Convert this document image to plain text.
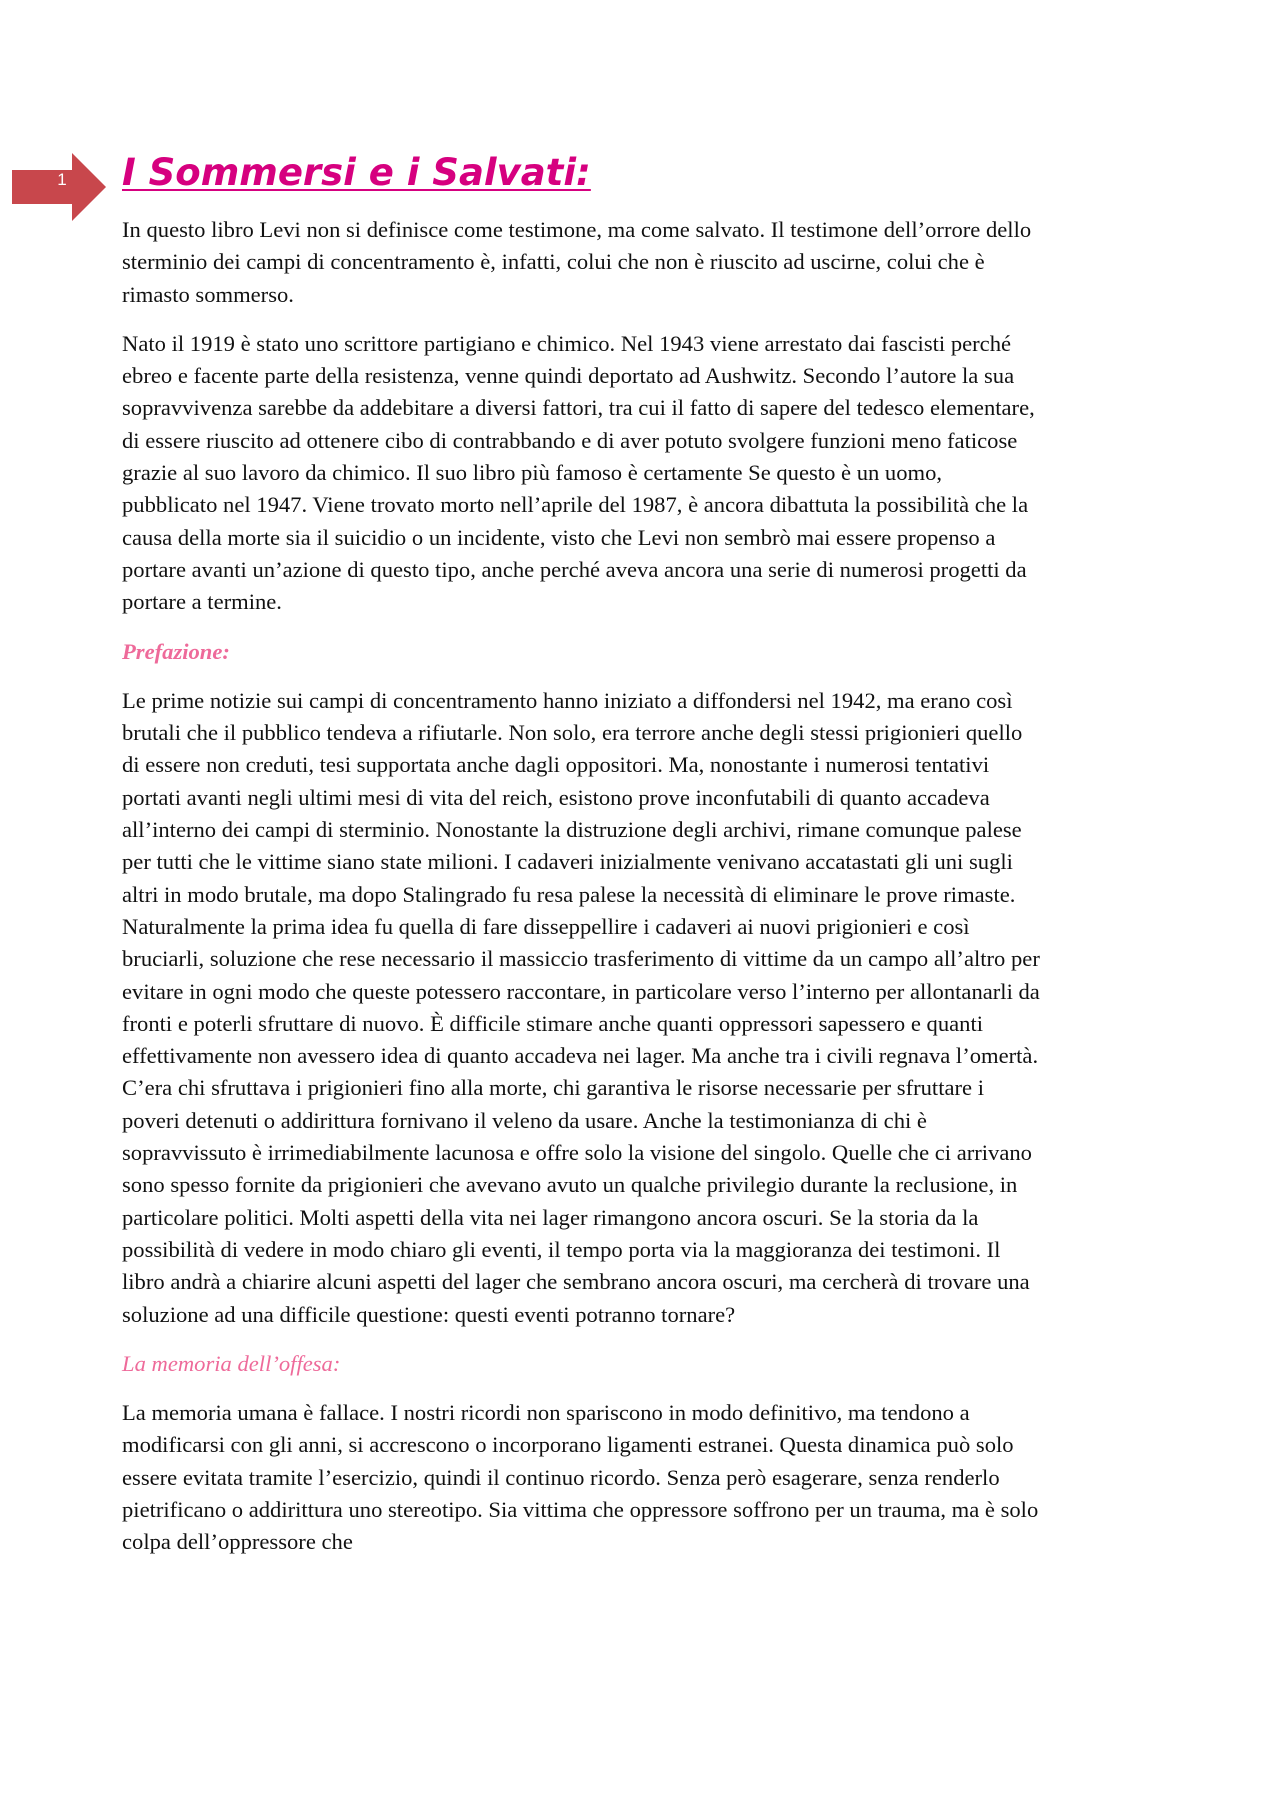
1	I Sommersi e i Salvati:

In questo libro Levi non si definisce come testimone, ma come salvato. Il testimone dell’orrore dello sterminio dei campi di concentramento è, infatti, colui che non è riuscito ad uscirne, colui che è rimasto sommerso.

Nato il 1919 è stato uno scrittore partigiano e chimico. Nel 1943 viene arrestato dai fascisti perché ebreo e facente parte della resistenza, venne quindi deportato ad Aushwitz. Secondo l’autore la sua sopravvivenza sarebbe da addebitare a diversi fattori, tra cui il fatto di sapere del tedesco elementare, di essere riuscito ad ottenere cibo di contrabbando e di aver potuto svolgere funzioni meno faticose grazie al suo lavoro da chimico. Il suo libro più famoso è certamente Se questo è un uomo, pubblicato nel 1947. Viene trovato morto nell’aprile del 1987, è ancora dibattuta la possibilità che la causa della morte sia il suicidio o un incidente, visto che Levi non sembrò mai essere propenso a portare avanti un’azione di questo tipo, anche perché aveva ancora una serie di numerosi progetti da portare a termine.

Prefazione:

Le prime notizie sui campi di concentramento hanno iniziato a diffondersi nel 1942, ma erano così brutali che il pubblico tendeva a rifiutarle. Non solo, era terrore anche degli stessi prigionieri quello di essere non creduti, tesi supportata anche dagli oppositori. Ma, nonostante i numerosi tentativi portati avanti negli ultimi mesi di vita del reich, esistono prove inconfutabili di quanto accadeva all’interno dei campi di sterminio. Nonostante la distruzione degli archivi, rimane comunque palese per tutti che le vittime siano state milioni. I cadaveri inizialmente venivano accatastati gli uni sugli altri in modo brutale, ma dopo Stalingrado fu resa palese la necessità di eliminare le prove rimaste. Naturalmente la prima idea fu quella di fare disseppellire i cadaveri ai nuovi prigionieri e così bruciarli, soluzione che rese necessario il massiccio trasferimento di vittime da un campo all’altro per evitare in ogni modo che queste potessero raccontare, in particolare verso l’interno per allontanarli da fronti e poterli sfruttare di nuovo. È difficile stimare anche quanti oppressori sapessero e quanti effettivamente non avessero idea di quanto accadeva nei lager. Ma anche tra i civili regnava l’omertà. C’era chi sfruttava i prigionieri fino alla morte, chi garantiva le risorse necessarie per sfruttare i poveri detenuti o addirittura fornivano il veleno da usare. Anche la testimonianza di chi è sopravvissuto è irrimediabilmente lacunosa e offre solo la visione del singolo. Quelle che ci arrivano sono spesso fornite da prigionieri che avevano avuto un qualche privilegio durante la reclusione, in particolare politici. Molti aspetti della vita nei lager rimangono ancora oscuri. Se la storia da la possibilità di vedere in modo chiaro gli eventi, il tempo porta via la maggioranza dei testimoni. Il libro andrà a chiarire alcuni aspetti del lager che sembrano ancora oscuri, ma cercherà di trovare una soluzione ad una difficile questione: questi eventi potranno tornare?

La memoria dell’offesa:

La memoria umana è fallace. I nostri ricordi non spariscono in modo definitivo, ma tendono a modificarsi con gli anni, si accrescono o incorporano ligamenti estranei. Questa dinamica può solo essere evitata tramite l’esercizio, quindi il continuo ricordo. Senza però esagerare, senza renderlo pietrificano o addirittura uno stereotipo. Sia vittima che oppressore soffrono per un trauma, ma è solo colpa dell’oppressore che
